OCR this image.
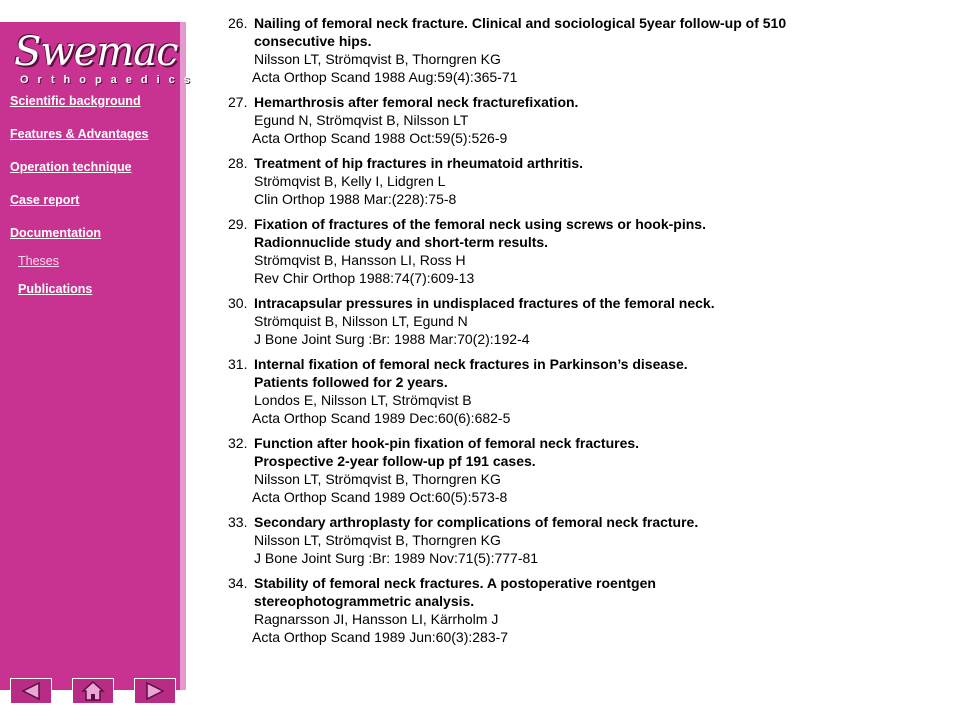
Swemac
Orthopaedics
Scientific background
Features & Advantages
Operation technique
Case report
Documentation
Theses
Publications
26. Nailing of femoral neck fracture. Clinical and sociological 5year follow-up of 510
consecutive hips.
Nilsson LT, Strömqvist B, Thorngren KG
Acta Orthop Scand 1988 Aug:59(4):365-71
27. Hemarthrosis after femoral neck fracturefixation.
Egund N, Strömqvist B, Nilsson LT
Acta Orthop Scand 1988 Oct:59(5):526-9
28. Treatment of hip fractures in rheumatoid arthritis.
Strömqvist B, Kelly I, Lidgren L
Clin Orthop 1988 Mar:(228):75-8
29. Fixation of fractures of the femoral neck using screws or hook-pins.
Radionnuclide study and short-term results.
Strömqvist B, Hansson LI, Ross H
Rev Chir Orthop 1988:74(7):609-13
30. Intracapsular pressures in undisplaced fractures of the femoral neck.
Strömquist B, Nilsson LT, Egund N
J Bone Joint Surg :Br: 1988 Mar:70(2):192-4
31. Internal fixation of femoral neck fractures in Parkinson’s disease.
Patients followed for 2 years.
Londos E, Nilsson LT, Strömqvist B
Acta Orthop Scand 1989 Dec:60(6):682-5
32. Function after hook-pin fixation of femoral neck fractures.
Prospective 2-year follow-up pf 191 cases.
Nilsson LT, Strömqvist B, Thorngren KG
Acta Orthop Scand 1989 Oct:60(5):573-8
33. Secondary arthroplasty for complications of femoral neck fracture.
Nilsson LT, Strömqvist B, Thorngren KG
J Bone Joint Surg :Br: 1989 Nov:71(5):777-81
34. Stability of femoral neck fractures. A postoperative roentgen
stereophotogrammetric analysis.
Ragnarsson JI, Hansson LI, Kärrholm J
Acta Orthop Scand 1989 Jun:60(3):283-7
